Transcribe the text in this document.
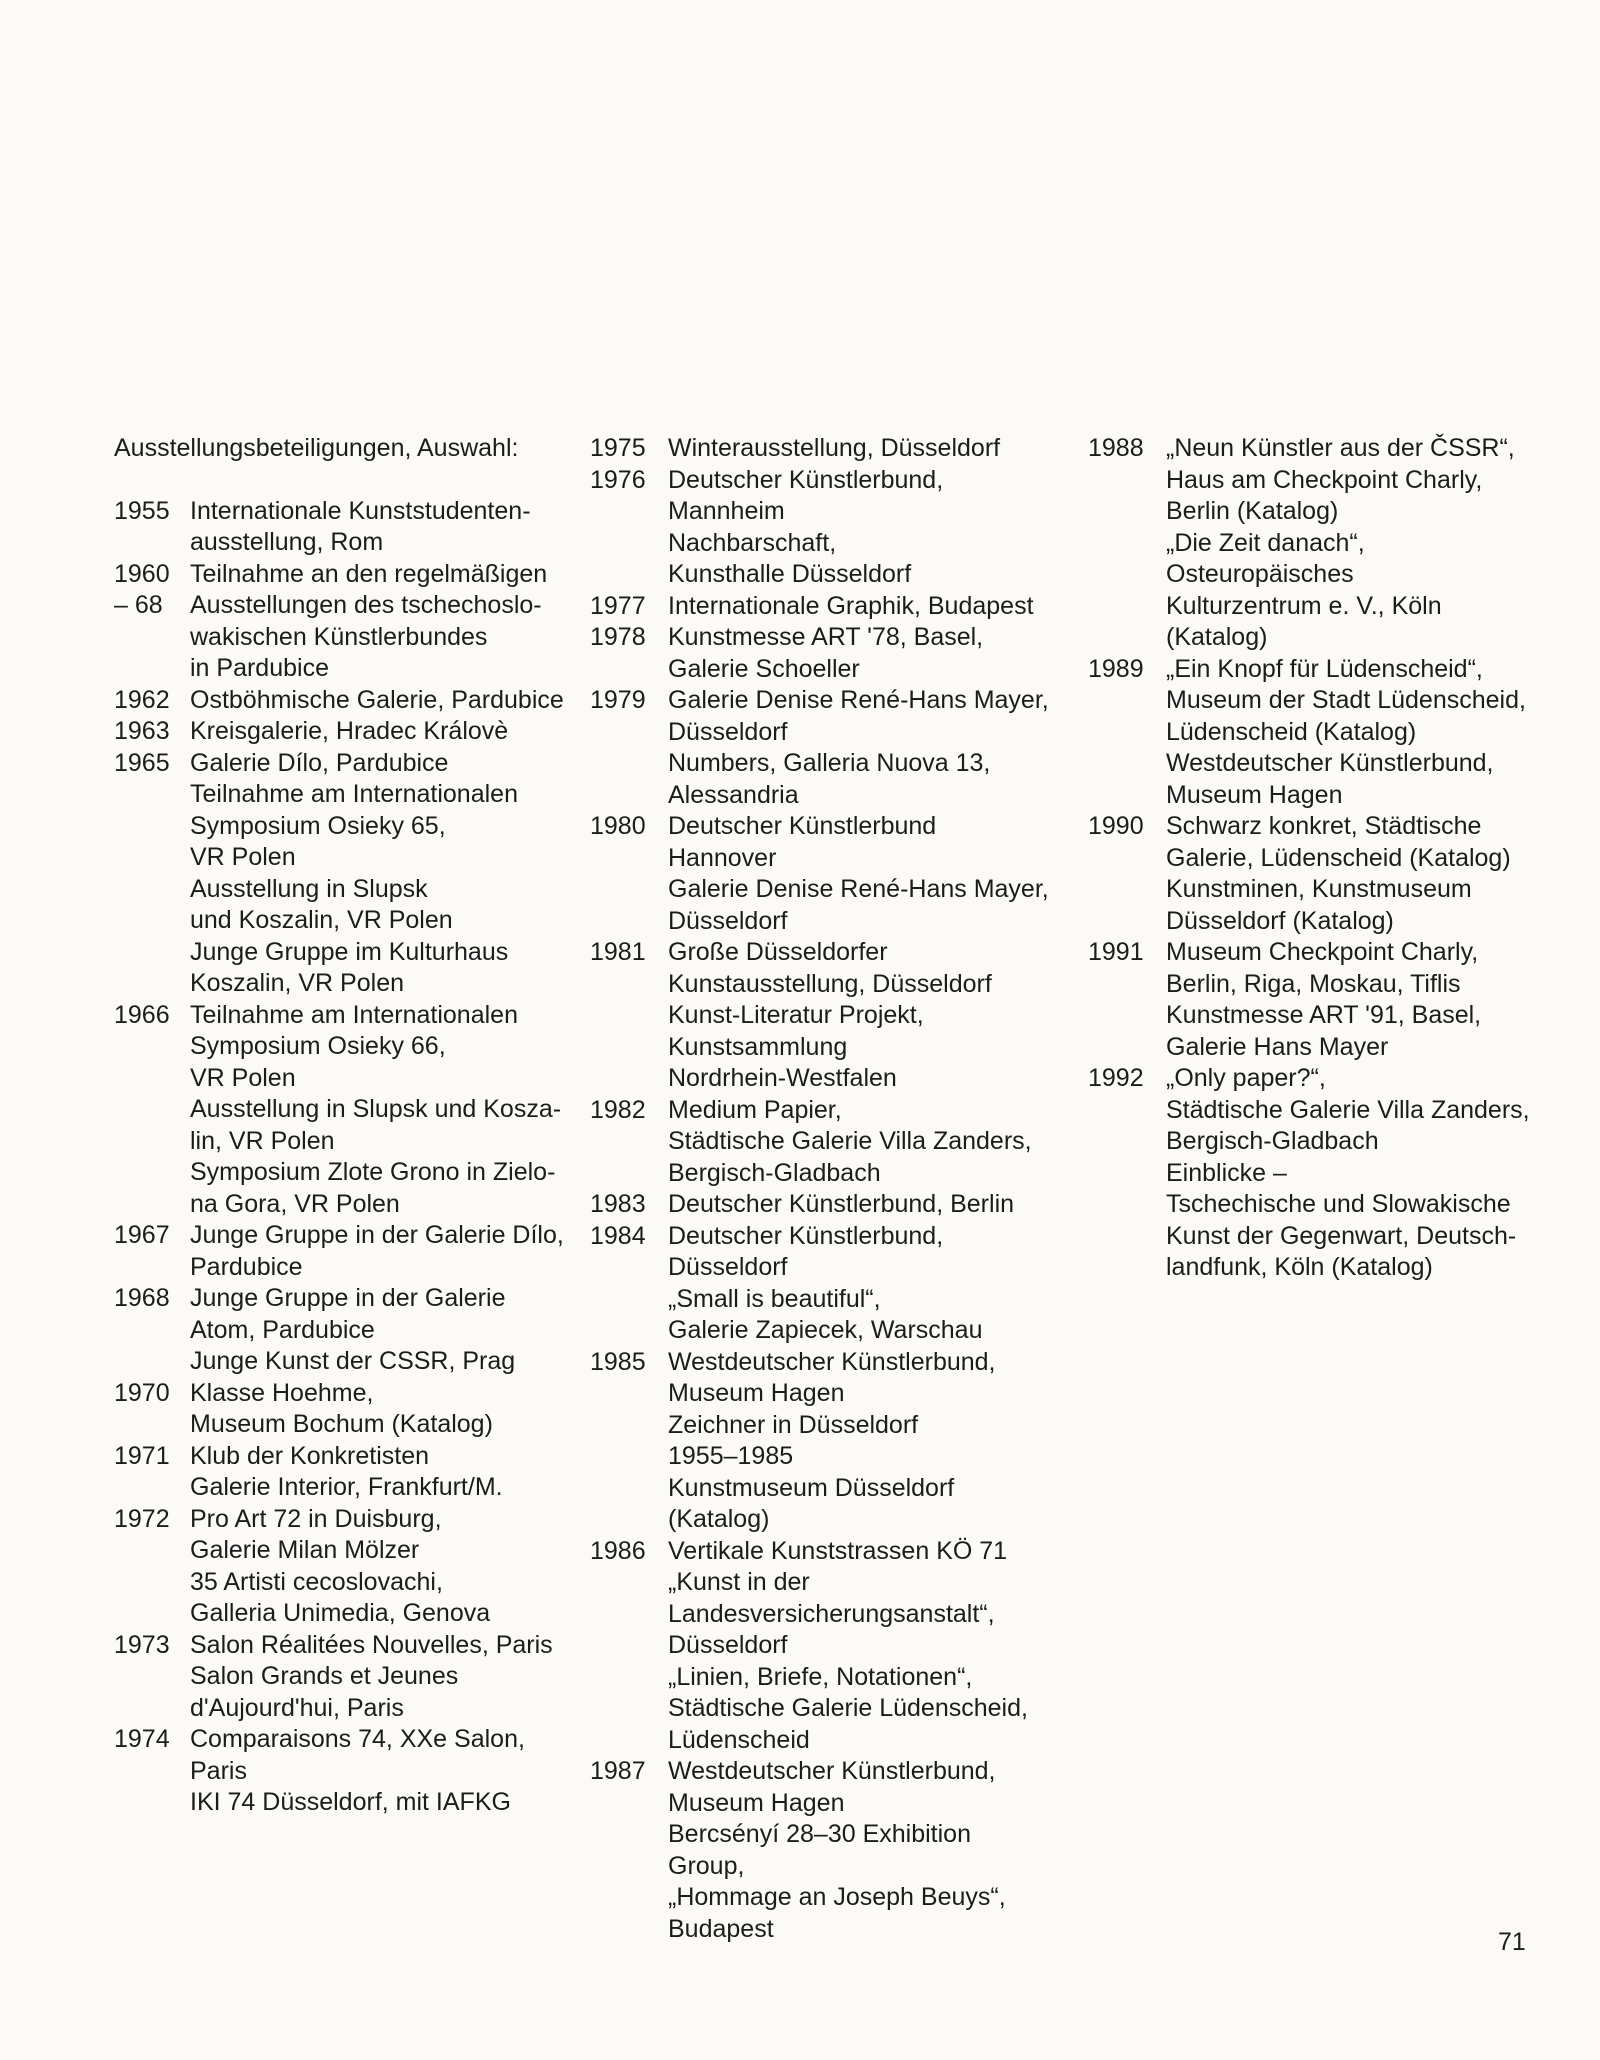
Ausstellungsbeteiligungen, Auswahl:
1955 Internationale Kunststudenten-
ausstellung, Rom
1960 Teilnahme an den regelmäßigen
– 68	Ausstellungen des tschechoslo-
wakischen Künstlerbundes
in Pardubice
1962 Ostböhmische Galerie, Pardubice
1963 Kreisgalerie, Hradec Královè
1965 Galerie Dílo, Pardubice
Teilnahme am Internationalen
Symposium Osieky 65,
VR Polen
Ausstellung in Slupsk
und Koszalin, VR Polen
Junge Gruppe im Kulturhaus
Koszalin, VR Polen
1966 Teilnahme am Internationalen
Symposium Osieky 66,
VR Polen
Ausstellung in Slupsk und Kosza-
lin, VR Polen
Symposium Zlote Grono in Zielo-
na Gora, VR Polen
1967 Junge Gruppe in der Galerie Dílo,
Pardubice
1968 Junge Gruppe in der Galerie
Atom, Pardubice
Junge Kunst der CSSR, Prag
1970 Klasse Hoehme,
Museum Bochum (Katalog)
1971 Klub der Konkretisten
Galerie Interior, Frankfurt/M.
1972 Pro Art 72 in Duisburg,
Galerie Milan Mölzer
35 Artisti cecoslovachi,
Galleria Unimedia, Genova
1973 Salon Réalitées Nouvelles, Paris
Salon Grands et Jeunes
d'Aujourd'hui, Paris
1974 Comparaisons 74, XXe Salon,
Paris
IKI 74 Düsseldorf, mit IAFKG
1975 Winterausstellung, Düsseldorf
1976 Deutscher Künstlerbund,
Mannheim
Nachbarschaft,
Kunsthalle Düsseldorf
1977 Internationale Graphik, Budapest
1978 Kunstmesse ART '78, Basel,
Galerie Schoeller
1979 Galerie Denise René-Hans Mayer,
Düsseldorf
Numbers, Galleria Nuova 13,
Alessandria
1980 Deutscher Künstlerbund
Hannover
Galerie Denise René-Hans Mayer,
Düsseldorf
1981 Große Düsseldorfer
Kunstausstellung, Düsseldorf
Kunst-Literatur Projekt,
Kunstsammlung
Nordrhein-Westfalen
1982 Medium Papier,
Städtische Galerie Villa Zanders,
Bergisch-Gladbach
1983 Deutscher Künstlerbund, Berlin
1984 Deutscher Künstlerbund,
Düsseldorf
„Small is beautiful“,
Galerie Zapiecek, Warschau
1985 Westdeutscher Künstlerbund,
Museum Hagen
Zeichner in Düsseldorf
1955–1985
Kunstmuseum Düsseldorf
(Katalog)
1986 Vertikale Kunststrassen KÖ 71
„Kunst in der
Landesversicherungsanstalt“,
Düsseldorf
„Linien, Briefe, Notationen“,
Städtische Galerie Lüdenscheid,
Lüdenscheid
1987 Westdeutscher Künstlerbund,
Museum Hagen
Bercsényí 28–30 Exhibition
Group,
„Hommage an Joseph Beuys“,
Budapest
1988 „Neun Künstler aus der ČSSR“,
Haus am Checkpoint Charly,
Berlin (Katalog)
„Die Zeit danach“,
Osteuropäisches
Kulturzentrum e. V., Köln
(Katalog)
1989 „Ein Knopf für Lüdenscheid“,
Museum der Stadt Lüdenscheid,
Lüdenscheid (Katalog)
Westdeutscher Künstlerbund,
Museum Hagen
1990 Schwarz konkret, Städtische
Galerie, Lüdenscheid (Katalog)
Kunstminen, Kunstmuseum
Düsseldorf (Katalog)
1991 Museum Checkpoint Charly,
Berlin, Riga, Moskau, Tiflis
Kunstmesse ART '91, Basel,
Galerie Hans Mayer
1992 „Only paper?“,
Städtische Galerie Villa Zanders,
Bergisch-Gladbach
Einblicke –
Tschechische und Slowakische
Kunst der Gegenwart, Deutsch-
landfunk, Köln (Katalog)
71
